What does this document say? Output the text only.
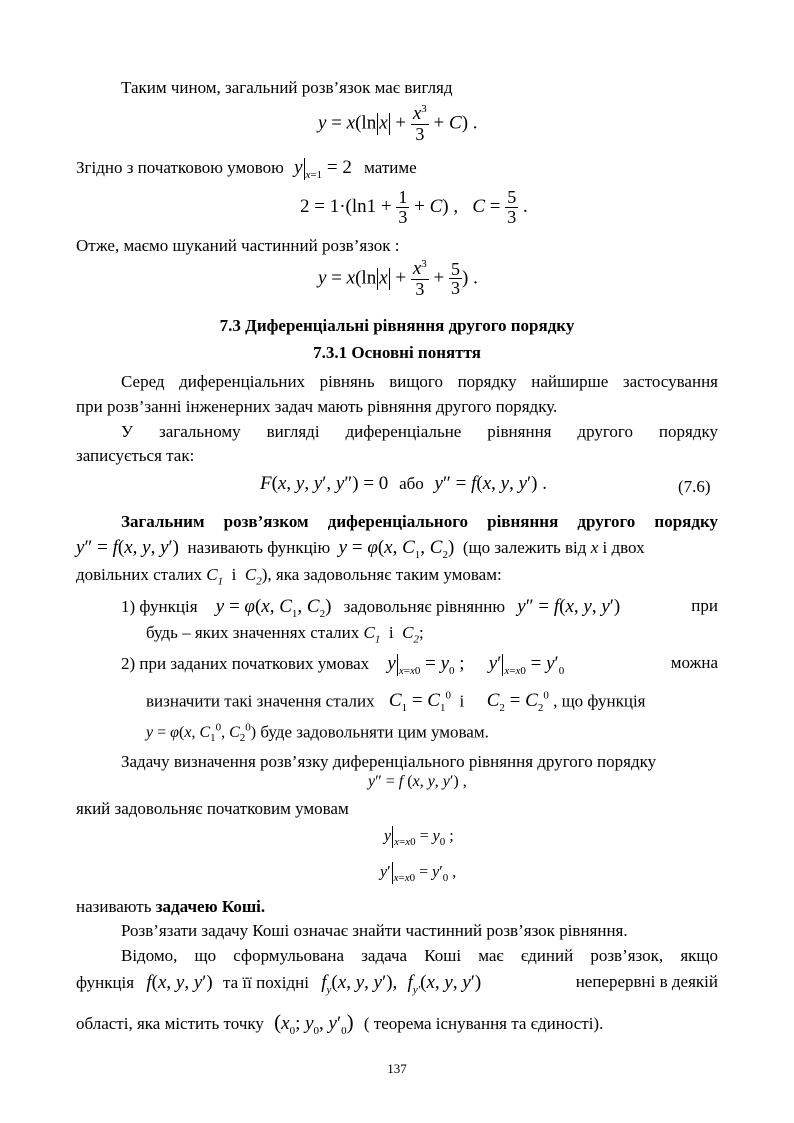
Таким чином, загальний розв’язок має вигляд
y = x(ln $x + \frac{x^3}{3} + C$) .
Згідно з початковою умовою y $_{x=1}$ = 2 матиме
$2 = 1\cdot(\ln 1 + \frac{1}{3} + C)$ ,   $C = \frac{5}{3}$ .
Отже, маємо шуканий частинний розв’язок :
y = x(ln $x + \frac{x^3}{3} + \frac{5}{3}$ ) .
7.3 Диференціальні рівняння другого порядку
7.3.1 Основні поняття
Серед диференціальних рівнянь вищого порядку найширше застосування
при розв’занні інженерних задач мають рівняння другого порядку.
У загальному вигляді диференціальне рівняння другого порядку
записується так:
F(x, y, y′, y″) = 0 або y″ = f(x, y, y′) .	(7.6)
Загальним розв’язком диференціального рівняння другого порядку
y″ = f(x, y, y′) називають функцію y = φ(x, $C_1$, $C_2$) (що залежить від x і двох
довільних сталих $C_1$  і  $C_2$), яка задовольняє таким умовам:
1) функція y = φ(x, $C_1$, $C_2$) задовольняє рівнянню y″ = f(x, y, y′)	при
будь – яких значеннях сталих $C_1$ і $C_2$;
2) при заданих початкових умовах y $_{x=x0} = y_0$ ; y′ $_{x=x0} = y'_0$	можна
визначити такі значення сталих $C_1 = C_1^0$ і $C_2 = C_2^0$ , що функція
y = φ(x, $C_1^0$, $C_2^0$) буде задовольняти цим умовам.
Задачу визначення розв’язку диференціального рівняння другого порядку
y″ = f (x, y, y′) ,
який задовольняє початковим умовам
y $_{x=x0} = y_0$ ;
y′ $_{x=x0} = y'_0$ ,
називають задачею Коші.
Розв’язати задачу Коші означає знайти частинний розв’язок рівняння.
Відомо, що сформульована задача Коші має єдиний розв’язок, якщо
функція f(x, y, y′) та її похідні $f_y(x$, y, y′), $f_{y'}(x$, y, y′)	неперервні в деякій
області, яка містить точку ($x_0$; $y_0$, $y'_0$) ( теорема існування та єдиності).
137
